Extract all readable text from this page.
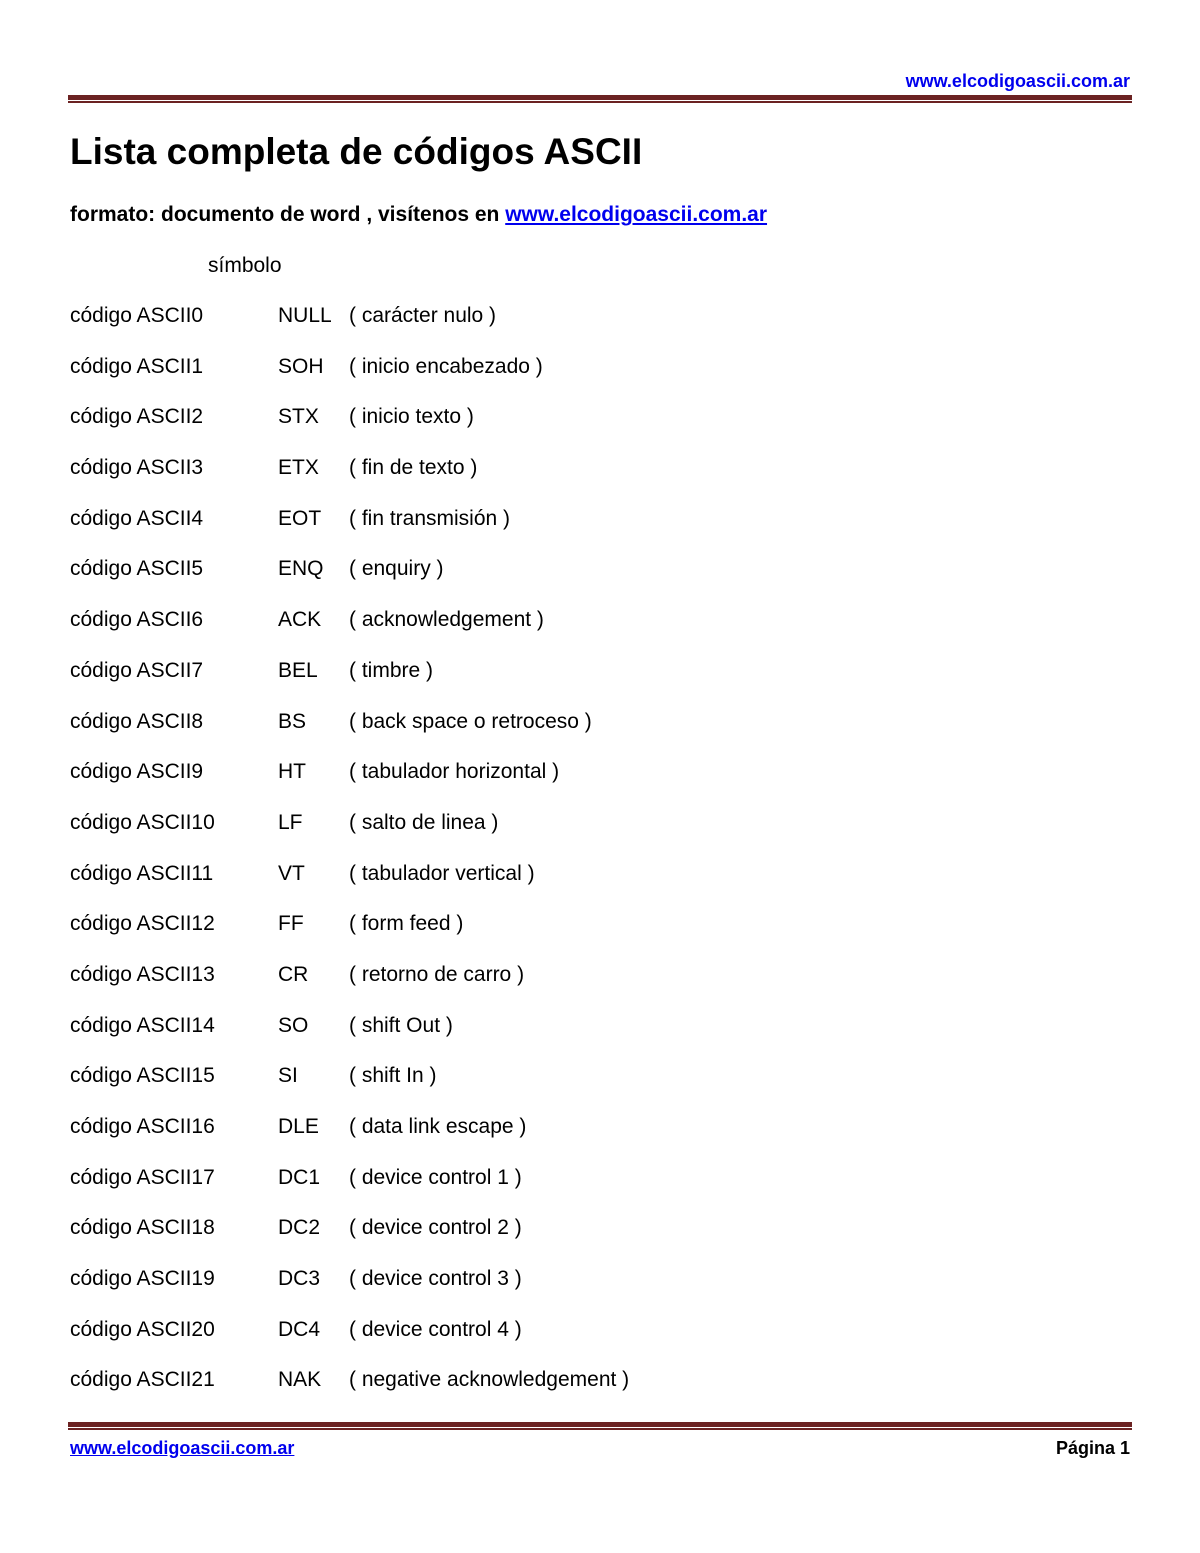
www.elcodigoascii.com.ar
Lista completa de códigos ASCII

formato: documento de word , visítenos en www.elcodigoascii.com.ar

símbolo
código ASCII0	NULL ( carácter nulo )
código ASCII1	SOH ( inicio encabezado )
código ASCII2	STX ( inicio texto )
código ASCII3	ETX ( fin de texto )
código ASCII4	EOT ( fin transmisión )
código ASCII5	ENQ ( enquiry )
código ASCII6	ACK ( acknowledgement )
código ASCII7	BEL ( timbre )
código ASCII8	BS ( back space o retroceso )
código ASCII9	HT ( tabulador horizontal )
código ASCII10	LF ( salto de linea )
código ASCII11	VT ( tabulador vertical )
código ASCII12	FF ( form feed )
código ASCII13	CR ( retorno de carro )
código ASCII14	SO ( shift Out )
código ASCII15	SI ( shift In )
código ASCII16	DLE ( data link escape )
código ASCII17	DC1 ( device control 1 )
código ASCII18	DC2 ( device control 2 )
código ASCII19	DC3 ( device control 3 )
código ASCII20	DC4 ( device control 4 )
código ASCII21	NAK ( negative acknowledgement )
www.elcodigoascii.com.ar	Página 1
